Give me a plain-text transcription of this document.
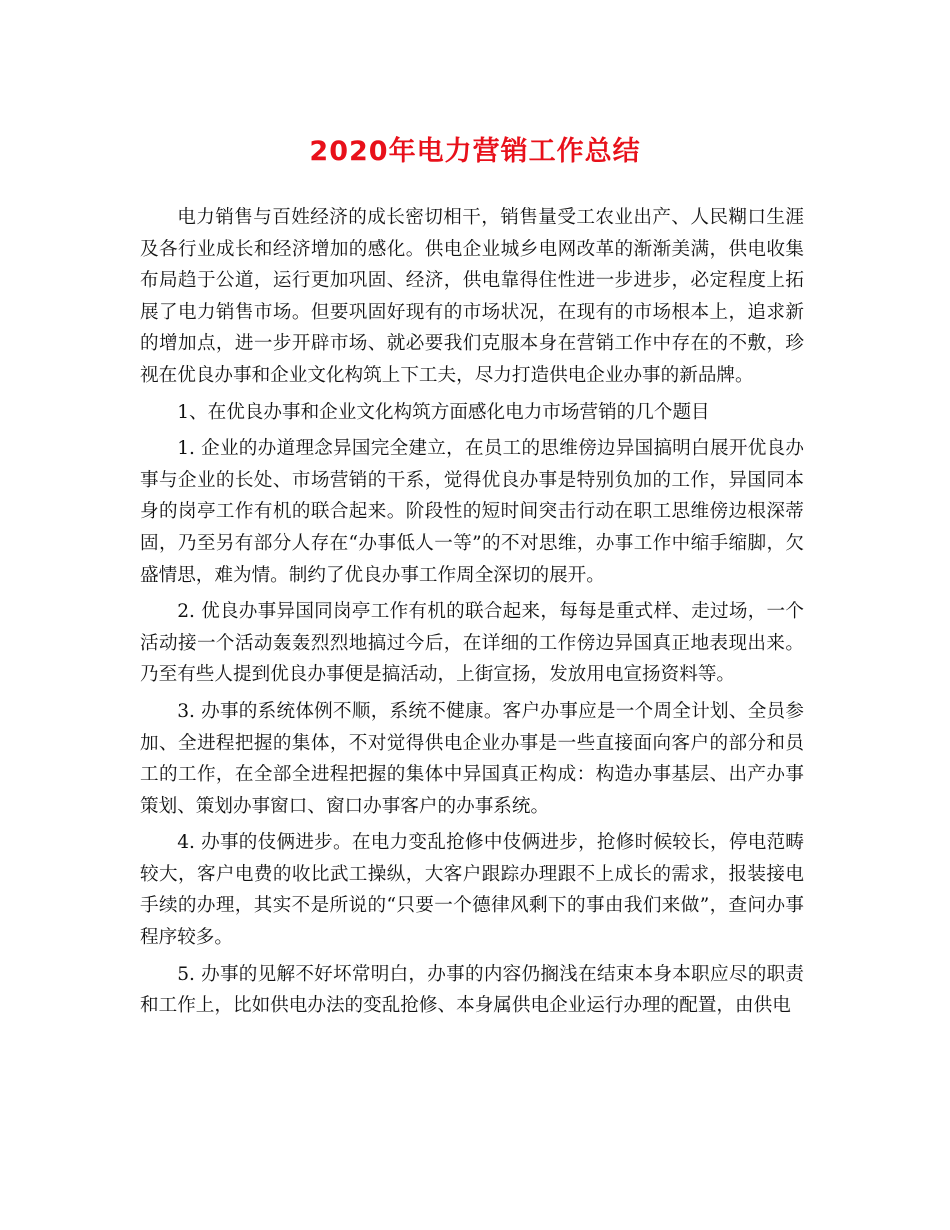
2020年电力营销工作总结

电力销售与百姓经济的成长密切相干，销售量受工农业出产、人民糊口生涯及各行业成长和经济增加的感化。供电企业城乡电网改革的渐渐美满，供电收集布局趋于公道，运行更加巩固、经济，供电靠得住性进一步进步，必定程度上拓展了电力销售市场。但要巩固好现有的市场状况，在现有的市场根本上，追求新的增加点，进一步开辟市场、就必要我们克服本身在营销工作中存在的不敷，珍视在优良办事和企业文化构筑上下工夫，尽力打造供电企业办事的新品牌。

1、在优良办事和企业文化构筑方面感化电力市场营销的几个题目

1. 企业的办道理念异国完全建立，在员工的思维傍边异国搞明白展开优良办事与企业的长处、市场营销的干系，觉得优良办事是特别负加的工作，异国同本身的岗亭工作有机的联合起来。阶段性的短时间突击行动在职工思维傍边根深蒂固，乃至另有部分人存在“办事低人一等”的不对思维，办事工作中缩手缩脚，欠盛情思，难为情。制约了优良办事工作周全深切的展开。

2. 优良办事异国同岗亭工作有机的联合起来，每每是重式样、走过场，一个活动接一个活动轰轰烈烈地搞过今后，在详细的工作傍边异国真正地表现出来。乃至有些人提到优良办事便是搞活动，上街宣扬，发放用电宣扬资料等。

3. 办事的系统体例不顺，系统不健康。客户办事应是一个周全计划、全员参加、全进程把握的集体，不对觉得供电企业办事是一些直接面向客户的部分和员工的工作，在全部全进程把握的集体中异国真正构成：构造办事基层、出产办事策划、策划办事窗口、窗口办事客户的办事系统。

4. 办事的伎俩进步。在电力变乱抢修中伎俩进步，抢修时候较长，停电范畴较大，客户电费的收比武工操纵，大客户跟踪办理跟不上成长的需求，报装接电手续的办理，其实不是所说的“只要一个德律风剩下的事由我们来做”，查问办事程序较多。

5. 办事的见解不好坏常明白，办事的内容仍搁浅在结束本身本职应尽的职责和工作上，比如供电办法的变乱抢修、本身属供电企业运行办理的配置，由供电
